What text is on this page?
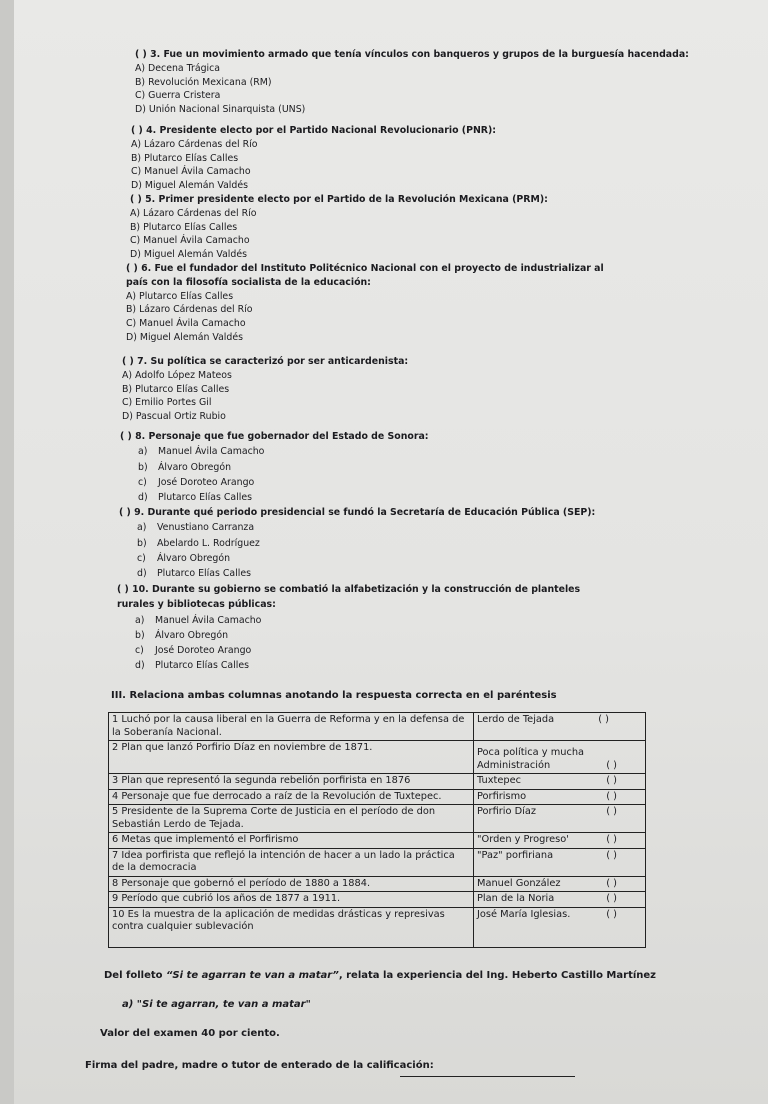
( ) 3. Fue un movimiento armado que tenía vínculos con banqueros y grupos de la burguesía hacendada:
A) Decena Trágica
B) Revolución Mexicana (RM)
C) Guerra Cristera
D) Unión Nacional Sinarquista (UNS)
( ) 4. Presidente electo por el Partido Nacional Revolucionario (PNR):
A) Lázaro Cárdenas del Río
B) Plutarco Elías Calles
C) Manuel Ávila Camacho
D) Miguel Alemán Valdés
( ) 5. Primer presidente electo por el Partido de la Revolución Mexicana (PRM):
A) Lázaro Cárdenas del Río
B) Plutarco Elías Calles
C) Manuel Ávila Camacho
D) Miguel Alemán Valdés
( ) 6. Fue el fundador del Instituto Politécnico Nacional con el proyecto de industrializar al país con la filosofía socialista de la educación:
A) Plutarco Elías Calles
B) Lázaro Cárdenas del Río
C) Manuel Ávila Camacho
D) Miguel Alemán Valdés
( ) 7. Su política se caracterizó por ser anticardenista:
A) Adolfo López Mateos
B) Plutarco Elías Calles
C) Emilio Portes Gil
D) Pascual Ortiz Rubio
( ) 8. Personaje que fue gobernador del Estado de Sonora:
a) Manuel Ávila Camacho
b) Álvaro Obregón
c) José Doroteo Arango
d) Plutarco Elías Calles
( ) 9. Durante qué periodo presidencial se fundó la Secretaría de Educación Pública (SEP):
a) Venustiano Carranza
b) Abelardo L. Rodríguez
c) Álvaro Obregón
d) Plutarco Elías Calles
( ) 10. Durante su gobierno se combatió la alfabetización y la construcción de planteles rurales y bibliotecas públicas:
a) Manuel Ávila Camacho
b) Álvaro Obregón
c) José Doroteo Arango
d) Plutarco Elías Calles
III. Relaciona ambas columnas anotando la respuesta correcta en el paréntesis
1 Luchó por la causa liberal en la Guerra de Reforma y en la defensa de la Soberanía Nacional.	Lerdo de Tejada ( )

2 Plan que lanzó Porfirio Díaz en noviembre de 1871.	Poca política y mucha Administración ( )

3 Plan que representó la segunda rebelión porfirista en 1876	Tuxtepec ( )

4 Personaje que fue derrocado a raíz de la Revolución de Tuxtepec.	Porfirismo ( )

5 Presidente de la Suprema Corte de Justicia en el período de don Sebastián Lerdo de Tejada.	Porfirio Díaz ( )

6 Metas que implementó el Porfirismo	"Orden y Progreso' ( )

7 Idea porfirista que reflejó la intención de hacer a un lado la práctica de la democracia	"Paz" porfiriana ( )

8 Personaje que gobernó el período de 1880 a 1884.	Manuel González ( )

9 Período que cubrió los años de 1877 a 1911.	Plan de la Noria ( )

10 Es la muestra de la aplicación de medidas drásticas y represivas contra cualquier sublevación	José María Iglesias. ( )
Del folleto “Si te agarran te van a matar”, relata la experiencia del Ing. Heberto Castillo Martínez
a) "Si te agarran, te van a matar"
Valor del examen 40 por ciento.
Firma del padre, madre o tutor de enterado de la calificación:
